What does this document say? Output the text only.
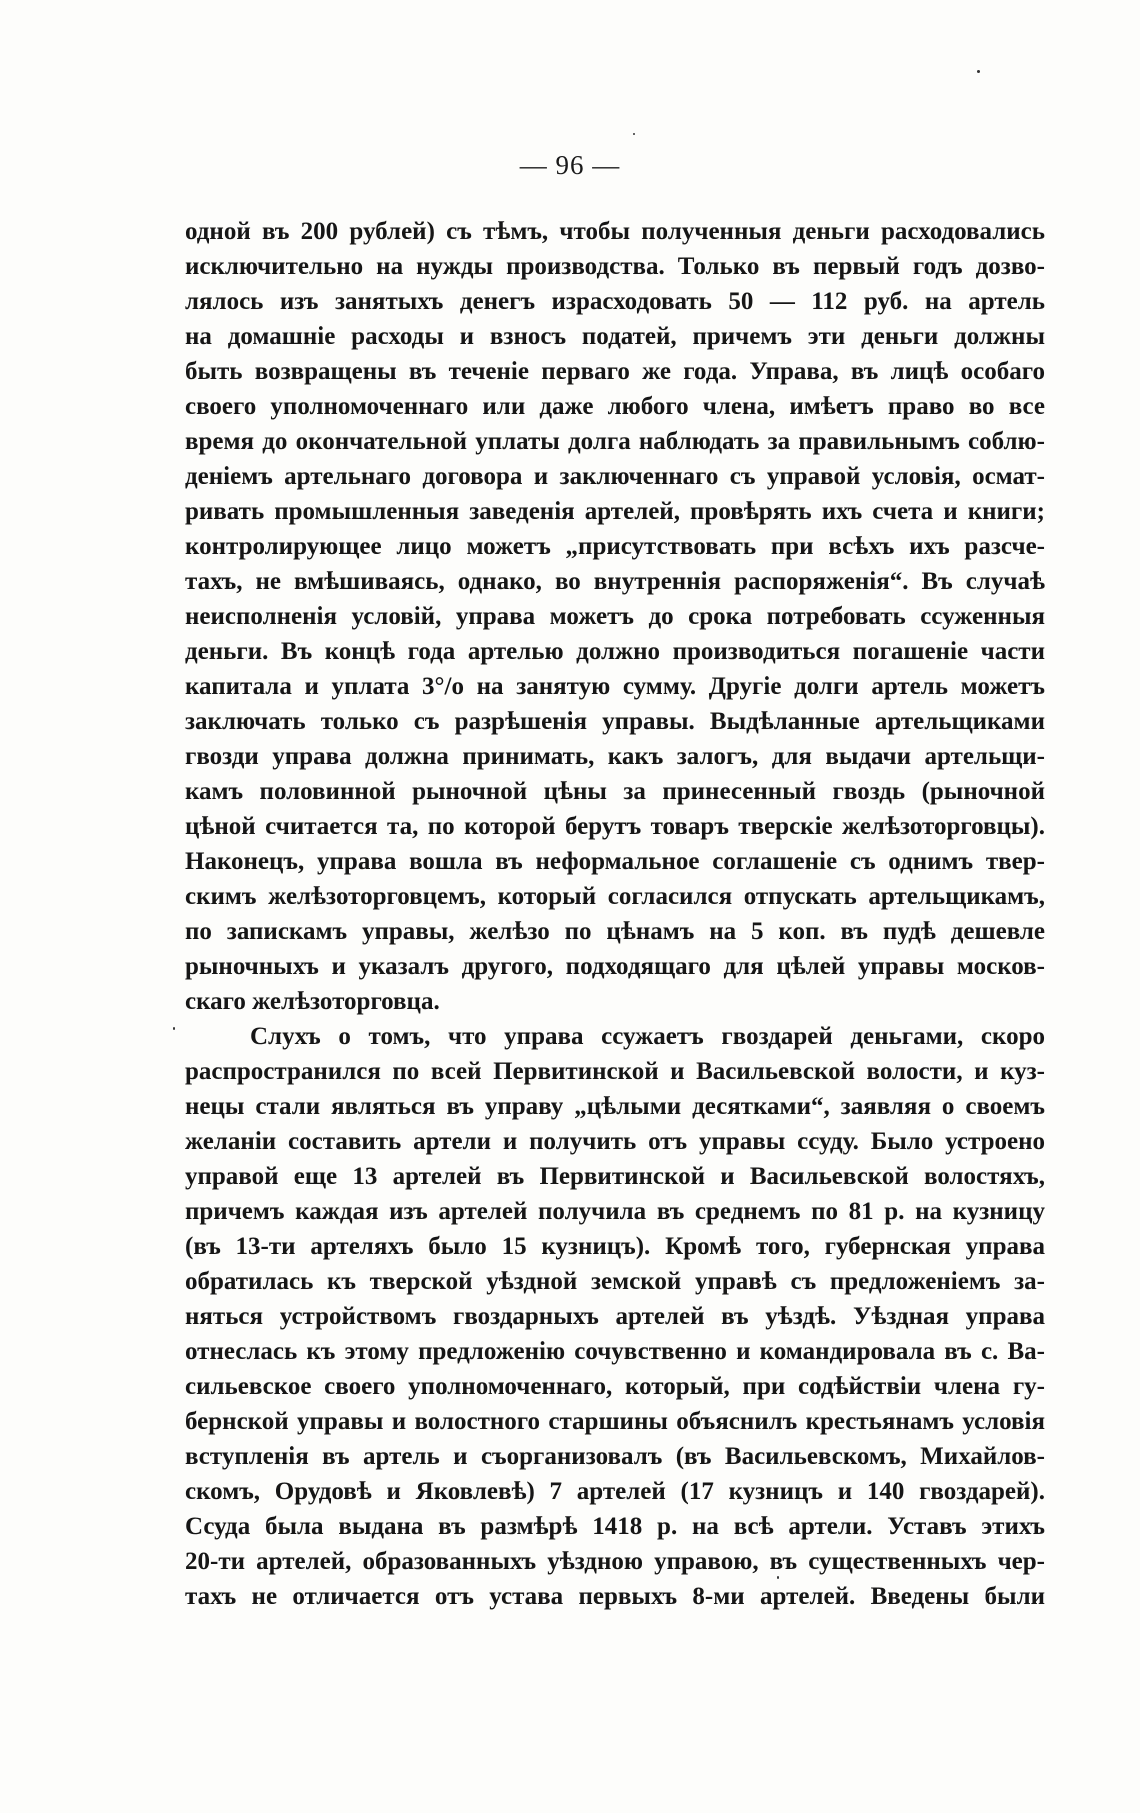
— 96 —
одной въ 200 рублей) съ тѣмъ, чтобы полученныя деньги расходовались
исключительно на нужды производства. Только въ первый годъ дозво-
лялось изъ занятыхъ денегъ израсходовать 50 — 112 руб. на артель
на домашніе расходы и взносъ податей, причемъ эти деньги должны
быть возвращены въ теченіе перваго же года. Управа, въ лицѣ особаго
своего уполномоченнаго или даже любого члена, имѣетъ право во все
время до окончательной уплаты долга наблюдать за правильнымъ соблю-
деніемъ артельнаго договора и заключеннаго съ управой условія, осмат-
ривать промышленныя заведенія артелей, провѣрять ихъ счета и книги;
контролирующее лицо можетъ „присутствовать при всѣхъ ихъ разсче-
тахъ, не вмѣшиваясь, однако, во внутреннія распоряженія“. Въ случаѣ
неисполненія условій, управа можетъ до срока потребовать ссуженныя
деньги. Въ концѣ года артелью должно производиться погашеніе части
капитала и уплата 3°/o на занятую сумму. Другіе долги артель можетъ
заключать только съ разрѣшенія управы. Выдѣланные артельщиками
гвозди управа должна принимать, какъ залогъ, для выдачи артельщи-
камъ половинной рыночной цѣны за принесенный гвоздь (рыночной
цѣной считается та, по которой берутъ товаръ тверскіе желѣзоторговцы).
Наконецъ, управа вошла въ неформальное соглашеніе съ однимъ твер-
скимъ желѣзоторговцемъ, который согласился отпускать артельщикамъ,
по запискамъ управы, желѣзо по цѣнамъ на 5 коп. въ пудѣ дешевле
рыночныхъ и указалъ другого, подходящаго для цѣлей управы москов-
скаго желѣзоторговца.
Слухъ о томъ, что управа ссужаетъ гвоздарей деньгами, скоро
распространился по всей Первитинской и Васильевской волости, и куз-
нецы стали являться въ управу „цѣлыми десятками“, заявляя о своемъ
желаніи составить артели и получить отъ управы ссуду. Было устроено
управой еще 13 артелей въ Первитинской и Васильевской волостяхъ,
причемъ каждая изъ артелей получила въ среднемъ по 81 р. на кузницу
(въ 13-ти артеляхъ было 15 кузницъ). Кромѣ того, губернская управа
обратилась къ тверской уѣздной земской управѣ съ предложеніемъ за-
няться устройствомъ гвоздарныхъ артелей въ уѣздѣ. Уѣздная управа
отнеслась къ этому предложенію сочувственно и командировала въ с. Ва-
сильевское своего уполномоченнаго, который, при содѣйствіи члена гу-
бернской управы и волостного старшины объяснилъ крестьянамъ условія
вступленія въ артель и съорганизовалъ (въ Васильевскомъ, Михайлов-
скомъ, Орудовѣ и Яковлевѣ) 7 артелей (17 кузницъ и 140 гвоздарей).
Ссуда была выдана въ размѣрѣ 1418 р. на всѣ артели. Уставъ этихъ
20-ти артелей, образованныхъ уѣздною управою, въ существенныхъ чер-
тахъ не отличается отъ устава первыхъ 8-ми артелей. Введены были
